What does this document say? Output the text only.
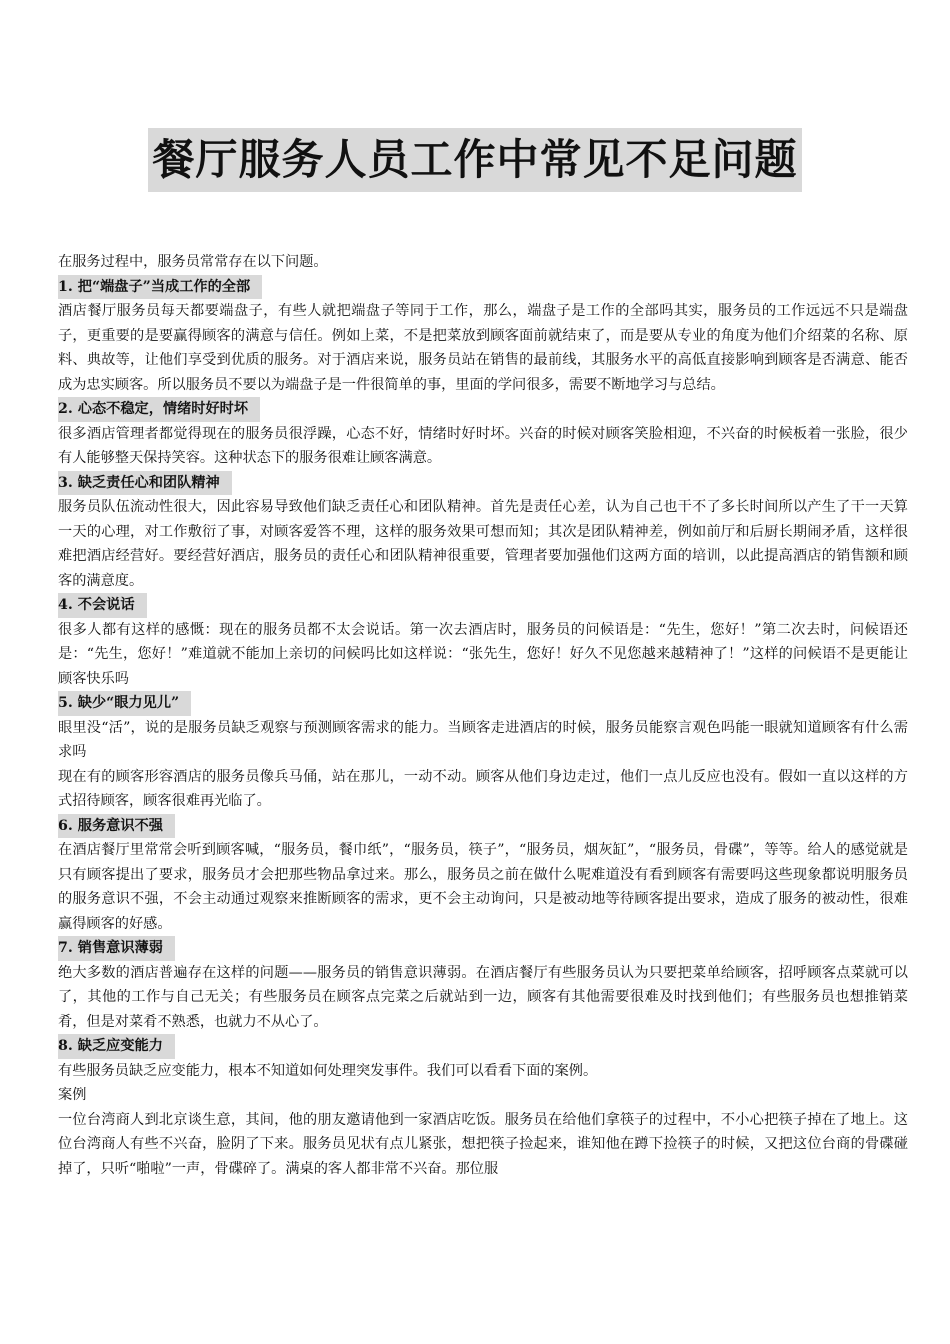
餐厅服务人员工作中常见不足问题

在服务过程中，服务员常常存在以下问题。

1. 把“端盘子”当成工作的全部

酒店餐厅服务员每天都要端盘子，有些人就把端盘子等同于工作，那么，端盘子是工作的全部吗其实，服务员的工作远远不只是端盘子，更重要的是要赢得顾客的满意与信任。例如上菜，不是把菜放到顾客面前就结束了，而是要从专业的角度为他们介绍菜的名称、原料、典故等，让他们享受到优质的服务。对于酒店来说，服务员站在销售的最前线，其服务水平的高低直接影响到顾客是否满意、能否成为忠实顾客。所以服务员不要以为端盘子是一件很简单的事，里面的学问很多，需要不断地学习与总结。

2. 心态不稳定，情绪时好时坏

很多酒店管理者都觉得现在的服务员很浮躁，心态不好，情绪时好时坏。兴奋的时候对顾客笑脸相迎，不兴奋的时候板着一张脸，很少有人能够整天保持笑容。这种状态下的服务很难让顾客满意。

3. 缺乏责任心和团队精神

服务员队伍流动性很大，因此容易导致他们缺乏责任心和团队精神。首先是责任心差，认为自己也干不了多长时间所以产生了干一天算一天的心理，对工作敷衍了事，对顾客爱答不理，这样的服务效果可想而知；其次是团队精神差，例如前厅和后厨长期闹矛盾，这样很难把酒店经营好。要经营好酒店，服务员的责任心和团队精神很重要，管理者要加强他们这两方面的培训，以此提高酒店的销售额和顾客的满意度。

4. 不会说话

很多人都有这样的感慨：现在的服务员都不太会说话。第一次去酒店时，服务员的问候语是：“先生，您好！”第二次去时，问候语还是：“先生，您好！”难道就不能加上亲切的问候吗比如这样说：“张先生，您好！好久不见您越来越精神了！”这样的问候语不是更能让顾客快乐吗

5. 缺少“眼力见儿”

眼里没“活”，说的是服务员缺乏观察与预测顾客需求的能力。当顾客走进酒店的时候，服务员能察言观色吗能一眼就知道顾客有什么需求吗

现在有的顾客形容酒店的服务员像兵马俑，站在那儿，一动不动。顾客从他们身边走过，他们一点儿反应也没有。假如一直以这样的方式招待顾客，顾客很难再光临了。

6. 服务意识不强

在酒店餐厅里常常会听到顾客喊，“服务员，餐巾纸”，“服务员，筷子”，“服务员，烟灰缸”，“服务员，骨碟”，等等。给人的感觉就是只有顾客提出了要求，服务员才会把那些物品拿过来。那么，服务员之前在做什么呢难道没有看到顾客有需要吗这些现象都说明服务员的服务意识不强，不会主动通过观察来推断顾客的需求，更不会主动询问，只是被动地等待顾客提出要求，造成了服务的被动性，很难赢得顾客的好感。

7. 销售意识薄弱

绝大多数的酒店普遍存在这样的问题——服务员的销售意识薄弱。在酒店餐厅有些服务员认为只要把菜单给顾客，招呼顾客点菜就可以了，其他的工作与自己无关；有些服务员在顾客点完菜之后就站到一边，顾客有其他需要很难及时找到他们；有些服务员也想推销菜肴，但是对菜肴不熟悉，也就力不从心了。

8. 缺乏应变能力

有些服务员缺乏应变能力，根本不知道如何处理突发事件。我们可以看看下面的案例。

案例

一位台湾商人到北京谈生意，其间，他的朋友邀请他到一家酒店吃饭。服务员在给他们拿筷子的过程中，不小心把筷子掉在了地上。这位台湾商人有些不兴奋，脸阴了下来。服务员见状有点儿紧张，想把筷子捡起来，谁知他在蹲下捡筷子的时候，又把这位台商的骨碟碰掉了，只听“啪啦”一声，骨碟碎了。满桌的客人都非常不兴奋。那位服
